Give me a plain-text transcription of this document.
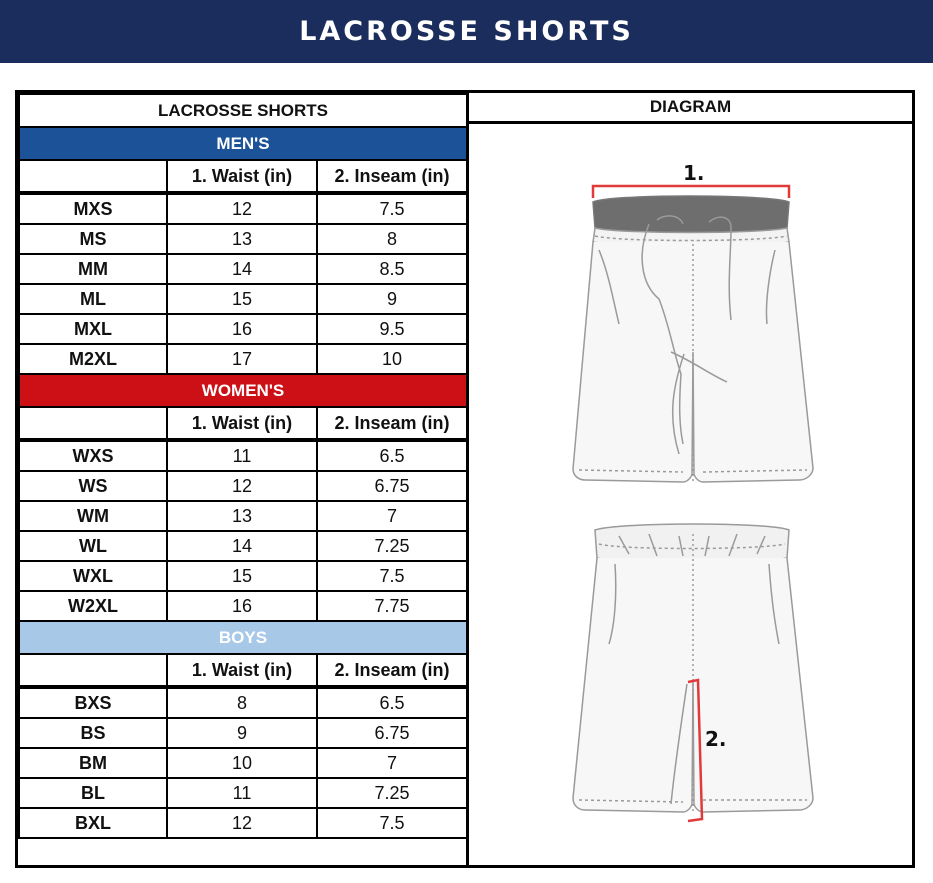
LACROSSE SHORTS
LACROSSE SHORTS		
MEN'S		
	1. Waist (in)	2. Inseam (in)
MXS	12	7.5
MS	13	8
MM	14	8.5
ML	15	9
MXL	16	9.5
M2XL	17	10
WOMEN'S		
	1. Waist (in)	2. Inseam (in)
WXS	11	6.5
WS	12	6.75
WM	13	7
WL	14	7.25
WXL	15	7.5
W2XL	16	7.75
BOYS		
	1. Waist (in)	2. Inseam (in)
BXS	8	6.5
BS	9	6.75
BM	10	7
BL	11	7.25
BXL	12	7.5
DIAGRAM
1.
2.
